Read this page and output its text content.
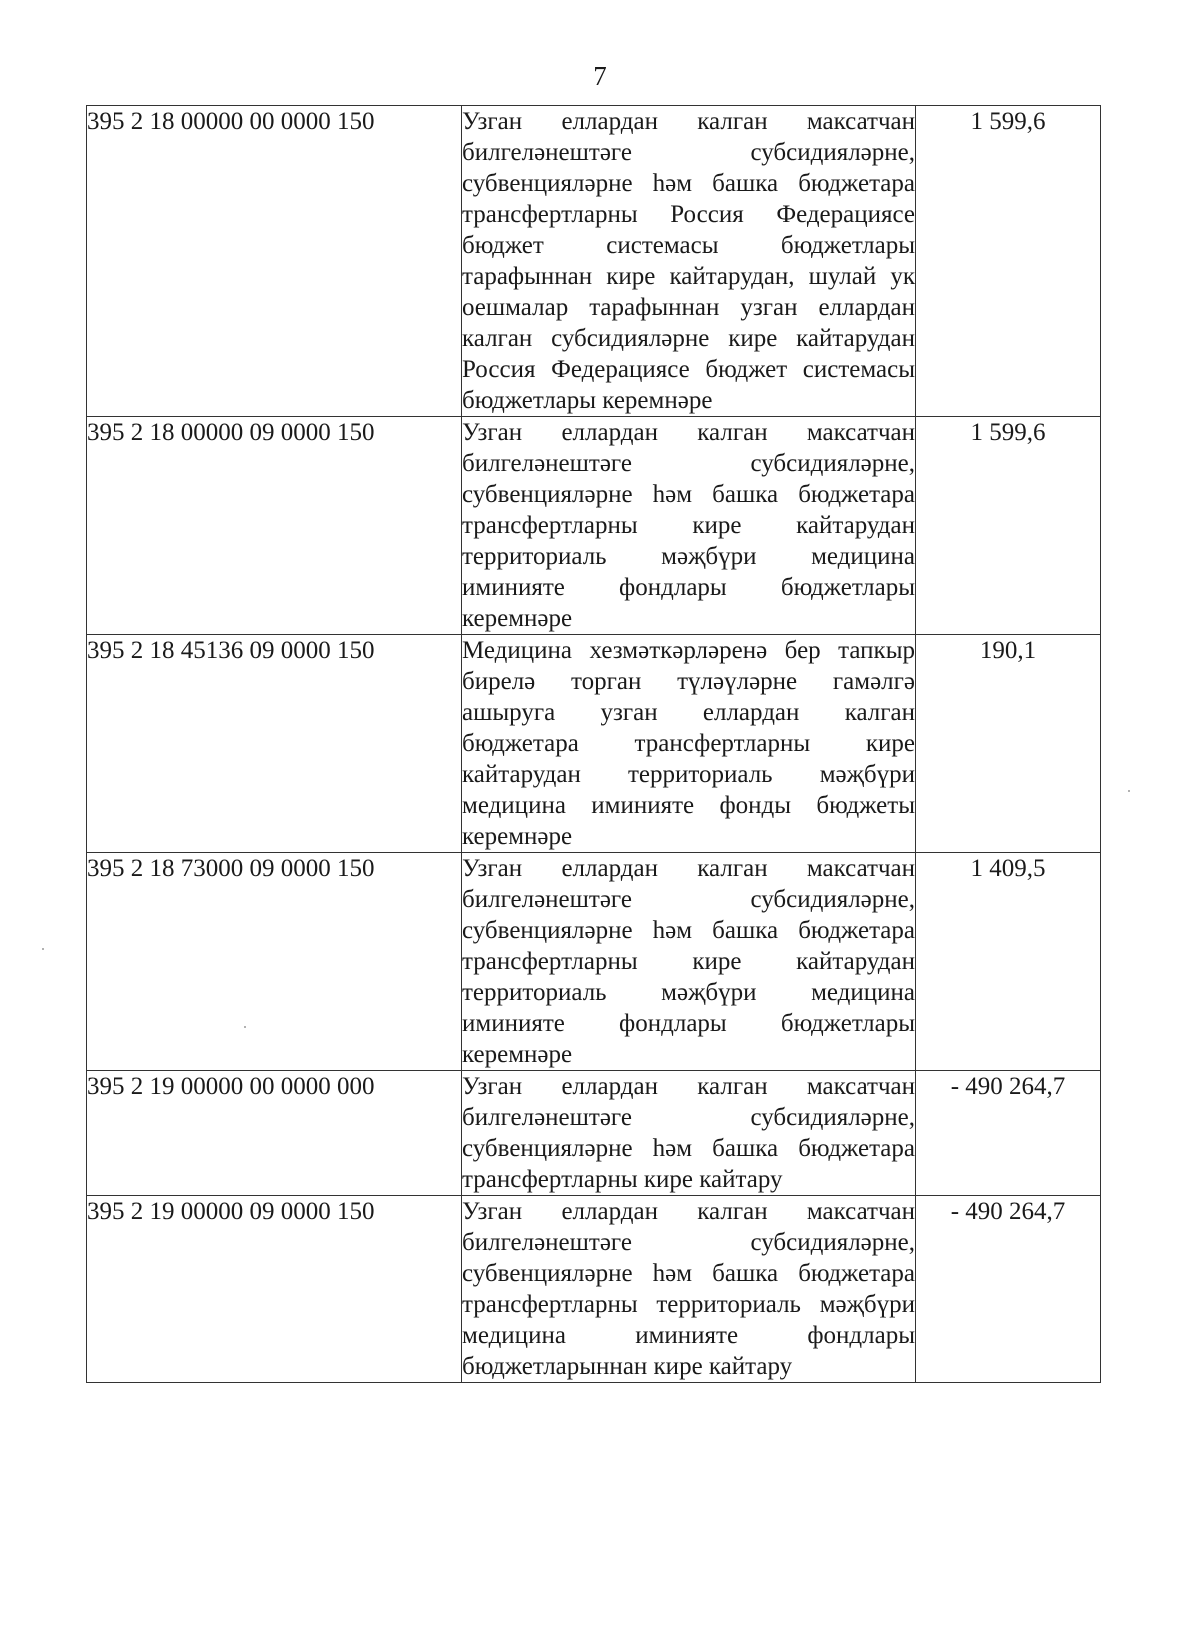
7
395 2 18 00000 00 0000 150	Узган еллардан калган максатчан билгеләнештәге субсидияләрне, субвенцияләрне һәм башка бюджетара трансфертларны Россия Федерациясе бюджет системасы бюджетлары тарафыннан кире кайтарудан, шулай ук оешмалар тарафыннан узган еллардан калган субсидияләрне кире кайтарудан Россия Федерациясе бюджет системасы бюджетлары керемнәре	1 599,6
395 2 18 00000 09 0000 150	Узган еллардан калган максатчан билгеләнештәге субсидияләрне, субвенцияләрне һәм башка бюджетара трансфертларны кире кайтарудан территориаль мәҗбүри медицина иминияте фондлары бюджетлары керемнәре	1 599,6
395 2 18 45136 09 0000 150	Медицина хезмәткәрләренә бер тапкыр бирелә торган түләүләрне гамәлгә ашыруга узган еллардан калган бюджетара трансфертларны кире кайтарудан территориаль мәҗбүри медицина иминияте фонды бюджеты керемнәре	190,1
395 2 18 73000 09 0000 150	Узган еллардан калган максатчан билгеләнештәге субсидияләрне, субвенцияләрне һәм башка бюджетара трансфертларны кире кайтарудан территориаль мәҗбүри медицина иминияте фондлары бюджетлары керемнәре	1 409,5
395 2 19 00000 00 0000 000	Узган еллардан калган максатчан билгеләнештәге субсидияләрне, субвенцияләрне һәм башка бюджетара трансфертларны кире кайтару	- 490 264,7
395 2 19 00000 09 0000 150	Узган еллардан калган максатчан билгеләнештәге субсидияләрне, субвенцияләрне һәм башка бюджетара трансфертларны территориаль мәҗбүри медицина иминияте фондлары бюджетларыннан кире кайтару	- 490 264,7
